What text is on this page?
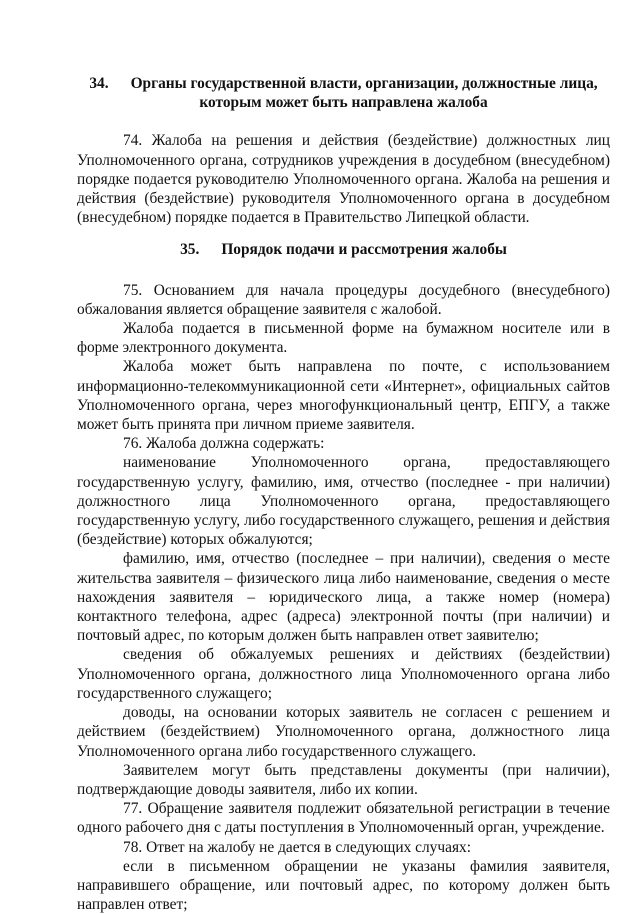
34. Органы государственной власти, организации, должностные лица,
которым может быть направлена жалоба

74. Жалоба на решения и действия (бездействие) должностных лиц Уполномоченного органа, сотрудников учреждения в досудебном (внесудебном) порядке подается руководителю Уполномоченного органа. Жалоба на решения и действия (бездействие) руководителя Уполномоченного органа в досудебном (внесудебном) порядке подается в Правительство Липецкой области.

35. Порядок подачи и рассмотрения жалобы

75. Основанием для начала процедуры досудебного (внесудебного) обжалования является обращение заявителя с жалобой.

Жалоба подается в письменной форме на бумажном носителе или в форме электронного документа.

Жалоба может быть направлена по почте, с использованием информационно-телекоммуникационной сети «Интернет», официальных сайтов Уполномоченного органа, через многофункциональный центр, ЕПГУ, а также может быть принята при личном приеме заявителя.

76. Жалоба должна содержать:

наименование Уполномоченного органа, предоставляющего государственную услугу, фамилию, имя, отчество (последнее - при наличии) должностного лица Уполномоченного органа, предоставляющего государственную услугу, либо государственного служащего, решения и действия (бездействие) которых обжалуются;

фамилию, имя, отчество (последнее – при наличии), сведения о месте жительства заявителя – физического лица либо наименование, сведения о месте нахождения заявителя – юридического лица, а также номер (номера) контактного телефона, адрес (адреса) электронной почты (при наличии) и почтовый адрес, по которым должен быть направлен ответ заявителю;

сведения об обжалуемых решениях и действиях (бездействии) Уполномоченного органа, должностного лица Уполномоченного органа либо государственного служащего;

доводы, на основании которых заявитель не согласен с решением и действием (бездействием) Уполномоченного органа, должностного лица Уполномоченного органа либо государственного служащего.

Заявителем могут быть представлены документы (при наличии), подтверждающие доводы заявителя, либо их копии.

77. Обращение заявителя подлежит обязательной регистрации в течение одного рабочего дня с даты поступления в Уполномоченный орган, учреждение.

78. Ответ на жалобу не дается в следующих случаях:

если в письменном обращении не указаны фамилия заявителя, направившего обращение, или почтовый адрес, по которому должен быть направлен ответ;
